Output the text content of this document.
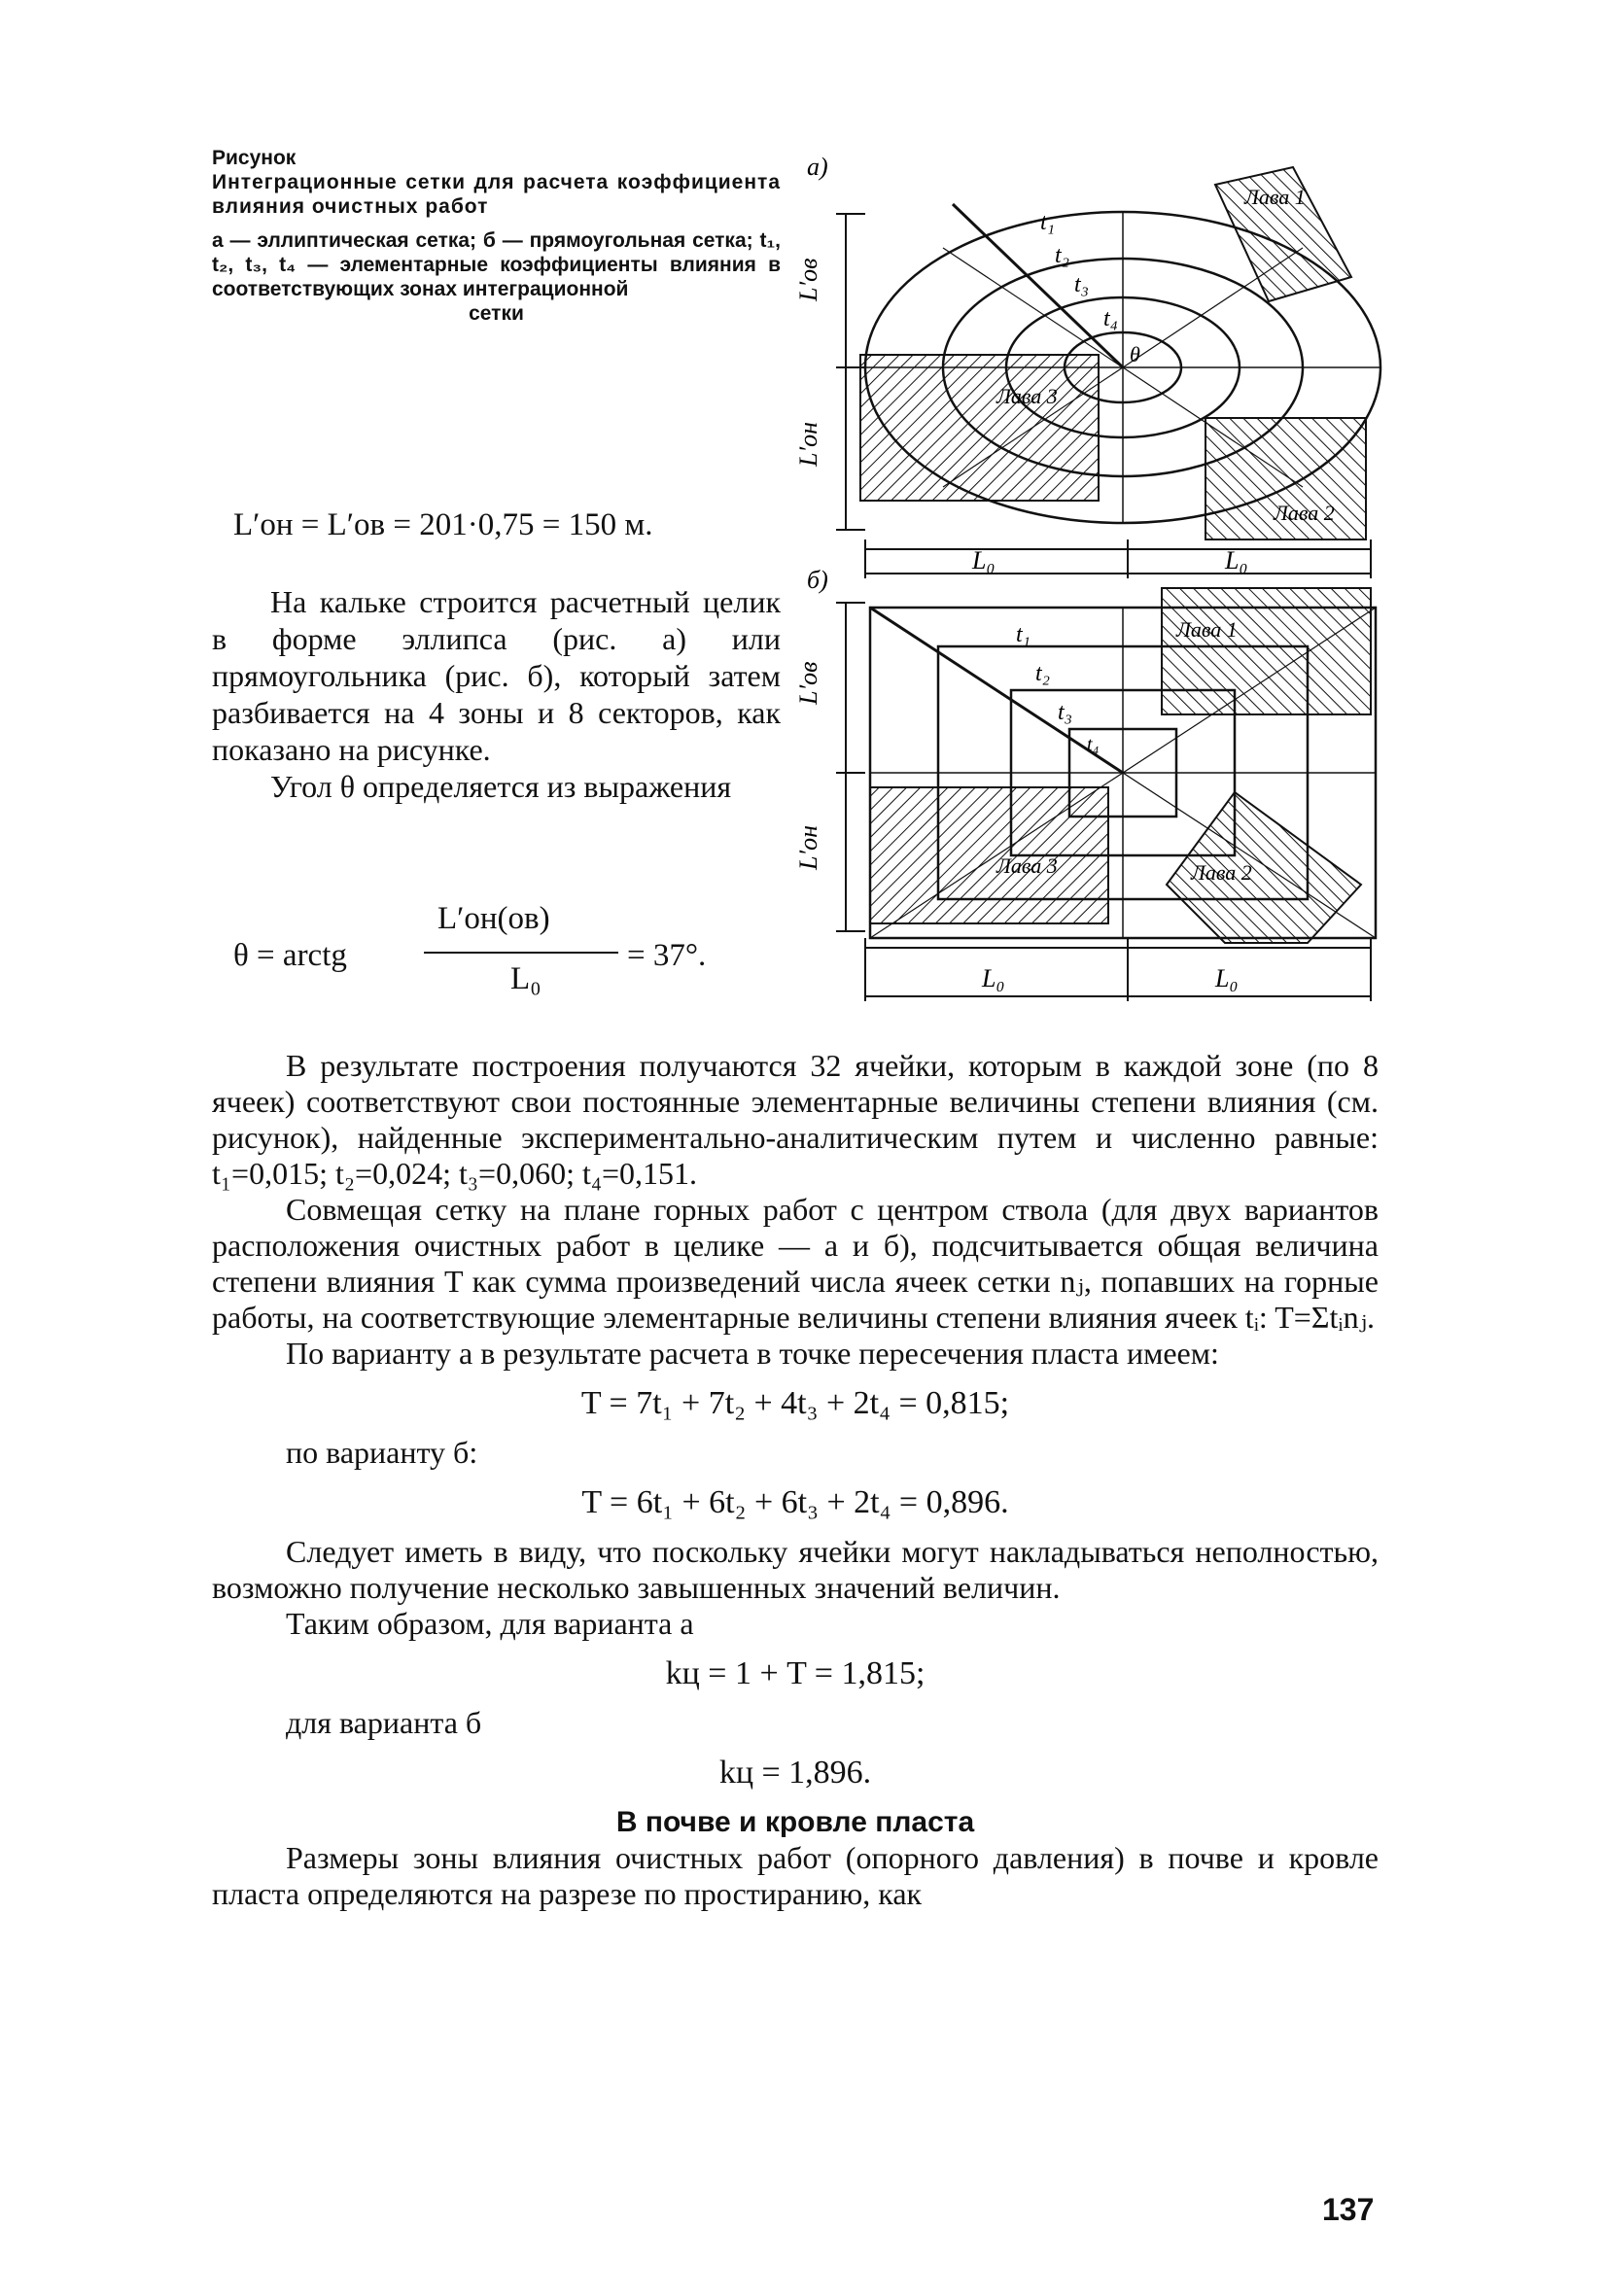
Рисунок

Интеграционные сетки для расчета коэффициента влияния очистных работ

а — эллиптическая сетка; б — прямоугольная сетка; t₁, t₂, t₃, t₄ — элементарные коэффициенты влияния в соответствующих зонах интеграционной
сетки

а)
L′ов
L′он
L₀	L₀
t₁
t₂
t₃
t₄
θ
Лава 1
Лава 3
Лава 2
б)
L′ов
L′он
L₀	L₀
t₁
t₂
t₃
t₄
Лава 1
Лава 3	Лава 2
L′он = L′ов = 201·0,75 = 150 м.

На кальке строится расчетный целик в форме эллипса (рис. а) или прямоугольника (рис. б), который затем разбивается на 4 зоны и 8 секторов, как показано на рисунке.

Угол θ определяется из выражения

θ = arctg
L′он(ов)
L₀
= 37°.

В результате построения получаются 32 ячейки, которым в каждой зоне (по 8 ячеек) соответствуют свои постоянные элементарные величины степени влияния (см. рисунок), найденные экспериментально-аналитическим путем и численно равные: t₁=0,015; t₂=0,024; t₃=0,060; t₄=0,151.

Совмещая сетку на плане горных работ с центром ствола (для двух вариантов расположения очистных работ в целике — а и б), подсчитывается общая величина степени влияния T как сумма произведений числа ячеек сетки nⱼ, попавших на горные работы, на соответствующие элементарные величины степени влияния ячеек tᵢ: T=Σtᵢnⱼ.

По варианту а в результате расчета в точке пересечения пласта имеем:

T = 7t₁ + 7t₂ + 4t₃ + 2t₄ = 0,815;

по варианту б:

T = 6t₁ + 6t₂ + 6t₃ + 2t₄ = 0,896.

Следует иметь в виду, что поскольку ячейки могут накладываться неполностью, возможно получение несколько завышенных значений величин.

Таким образом, для варианта а

kц = 1 + T = 1,815;

для варианта б

kц = 1,896.

В почве и кровле пласта

Размеры зоны влияния очистных работ (опорного давления) в почве и кровле пласта определяются на разрезе по простиранию, как

137
